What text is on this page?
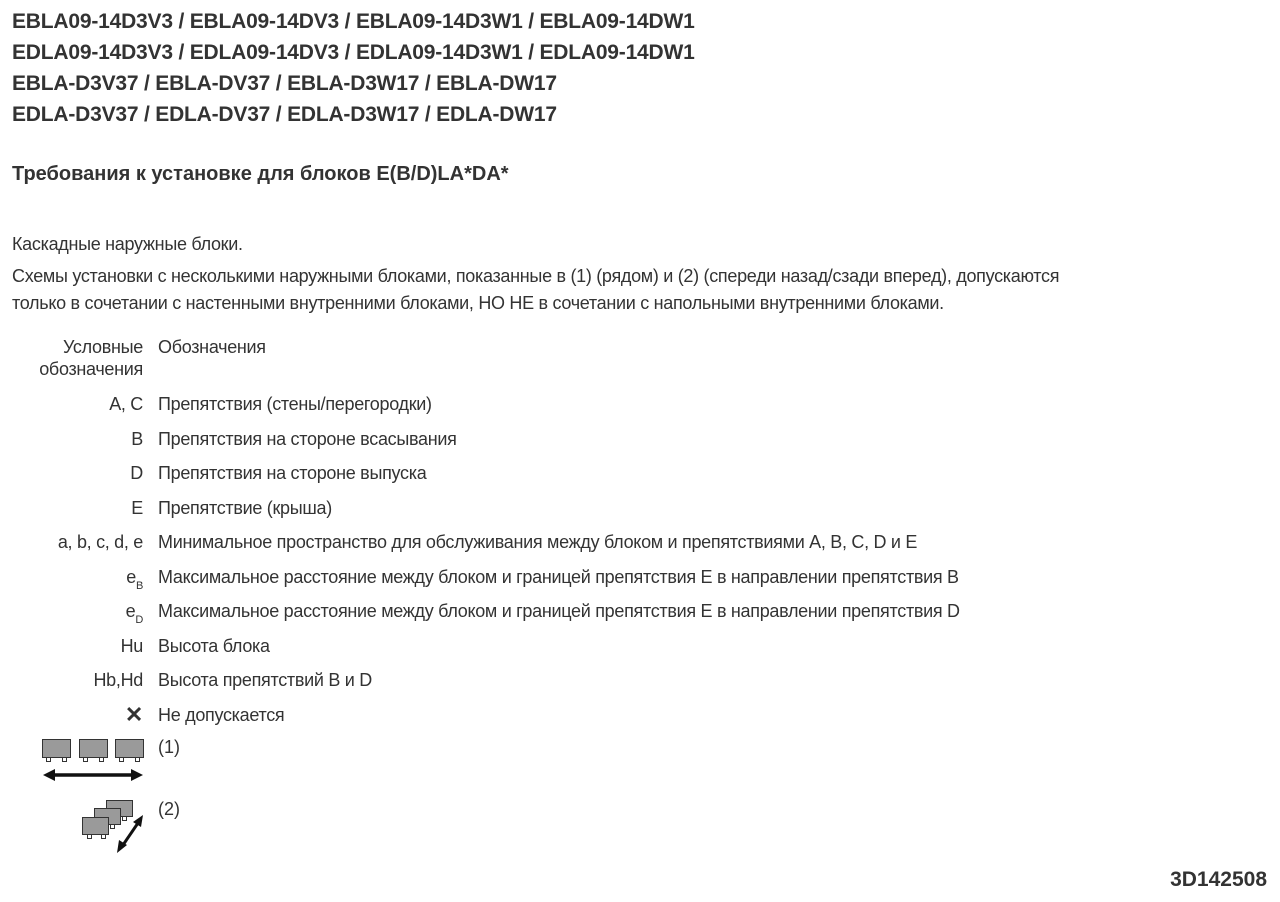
EBLA09-14D3V3 / EBLA09-14DV3 / EBLA09-14D3W1 / EBLA09-14DW1
EDLA09-14D3V3 / EDLA09-14DV3 / EDLA09-14D3W1 / EDLA09-14DW1
EBLA-D3V37 / EBLA-DV37 / EBLA-D3W17 / EBLA-DW17
EDLA-D3V37 / EDLA-DV37 / EDLA-D3W17 / EDLA-DW17
Требования к установке для блоков E(B/D)LA*DA*

Каскадные наружные блоки.

Схемы установки с несколькими наружными блоками, показанные в (1) (рядом) и (2) (спереди назад/сзади вперед), допускаются

только в сочетании с настенными внутренними блоками, НО НЕ в сочетании с напольными внутренними блоками.

Условные
обозначения
Обозначения
A, C Препятствия (стены/перегородки)
B Препятствия на стороне всасывания
D Препятствия на стороне выпуска
E Препятствие (крыша)
a, b, c, d, e Минимальное пространство для обслуживания между блоком и препятствиями A, B, C, D и E
$e_B$ Максимальное расстояние между блоком и границей препятствия E в направлении препятствия B
$e_D$ Максимальное расстояние между блоком и границей препятствия E в направлении препятствия D
Hu Высота блока
Hb,Hd Высота препятствий B и D
✕ Не допускается
(1)
(2)
3D142508
